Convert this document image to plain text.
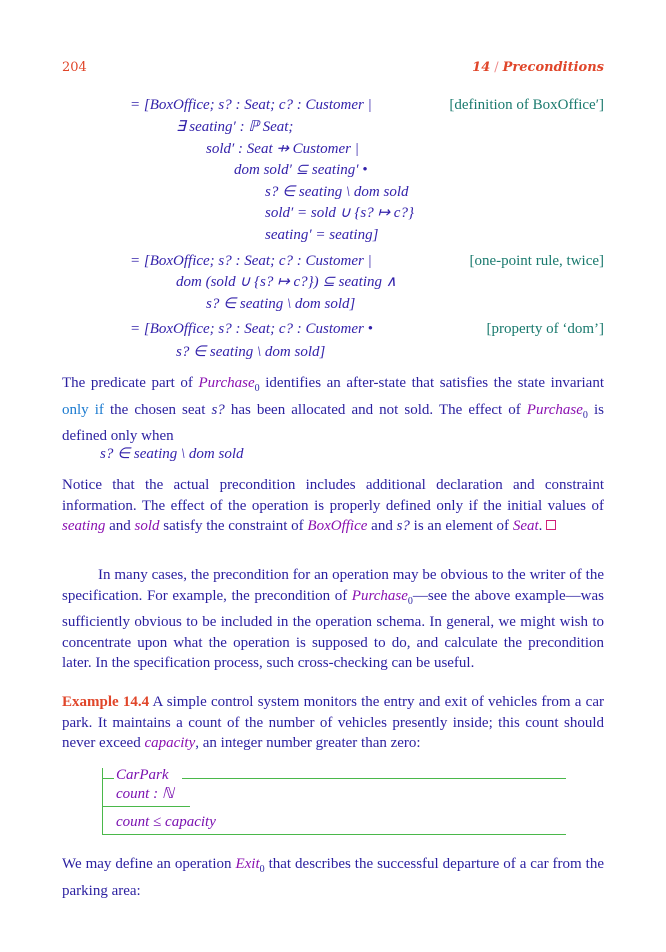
204	14 / Preconditions
= [BoxOffice; s? : Seat; c? : Customer |	[definition of BoxOffice′]
∃ seating′ : ℙ Seat;
sold′ : Seat ⇸ Customer |
dom sold′ ⊆ seating′ •
s? ∈ seating \ dom sold
sold′ = sold ∪ {s? ↦ c?}
seating′ = seating]
= [BoxOffice; s? : Seat; c? : Customer |	[one-point rule, twice]
dom (sold ∪ {s? ↦ c?}) ⊆ seating ∧
s? ∈ seating \ dom sold]
= [BoxOffice; s? : Seat; c? : Customer •	[property of ‘dom’]
s? ∈ seating \ dom sold]
The predicate part of Purchase$_0$ identifies an after-state that satisfies the state invariant only if the chosen seat s? has been allocated and not sold. The effect of Purchase$_0$ is defined only when
s? ∈ seating \ dom sold
Notice that the actual precondition includes additional declaration and constraint information. The effect of the operation is properly defined only if the initial values of seating and sold satisfy the constraint of BoxOffice and s? is an element of Seat.
In many cases, the precondition for an operation may be obvious to the writer of the specification. For example, the precondition of Purchase$_0$—see the above example—was sufficiently obvious to be included in the operation schema. In general, we might wish to concentrate upon what the operation is supposed to do, and calculate the precondition later. In the specification process, such cross-checking can be useful.
Example 14.4 A simple control system monitors the entry and exit of vehicles from a car park. It maintains a count of the number of vehicles presently inside; this count should never exceed capacity, an integer number greater than zero:
CarPark
count : ℕ
count ≤ capacity
We may define an operation Exit$_0$ that describes the successful departure of a car from the parking area:
